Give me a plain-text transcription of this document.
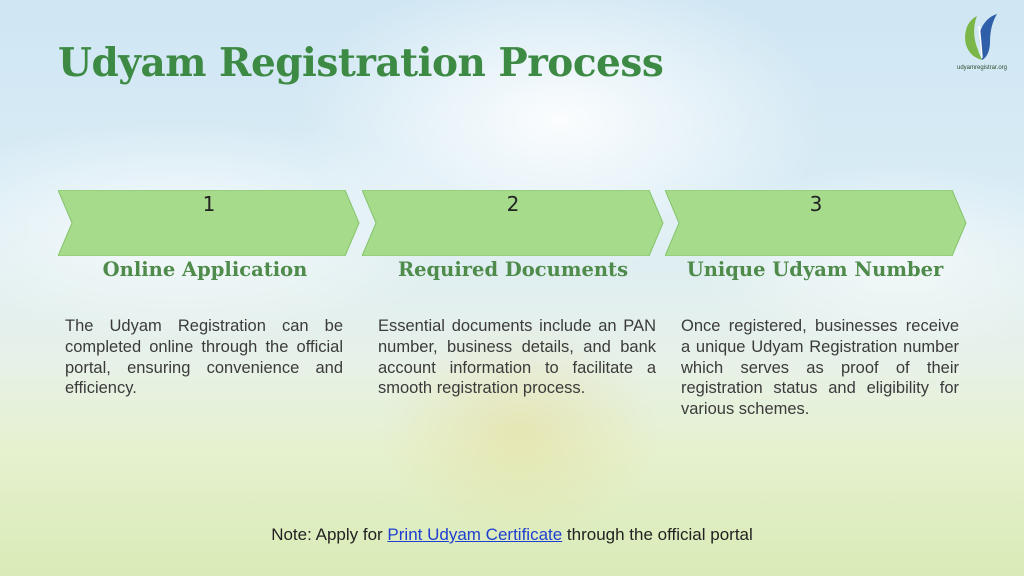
Udyam Registration Process	udyamregistrar.org
1
Online Application

The Udyam Registration can be completed online through the official portal, ensuring convenience and efficiency.

2
Required Documents

Essential documents include an PAN number, business details, and bank account information to facilitate a smooth registration process.

3
Unique Udyam Number

Once registered, businesses receive a unique Udyam Registration number which serves as proof of their registration status and eligibility for various schemes.

Note: Apply for Print Udyam Certificate through the official portal
